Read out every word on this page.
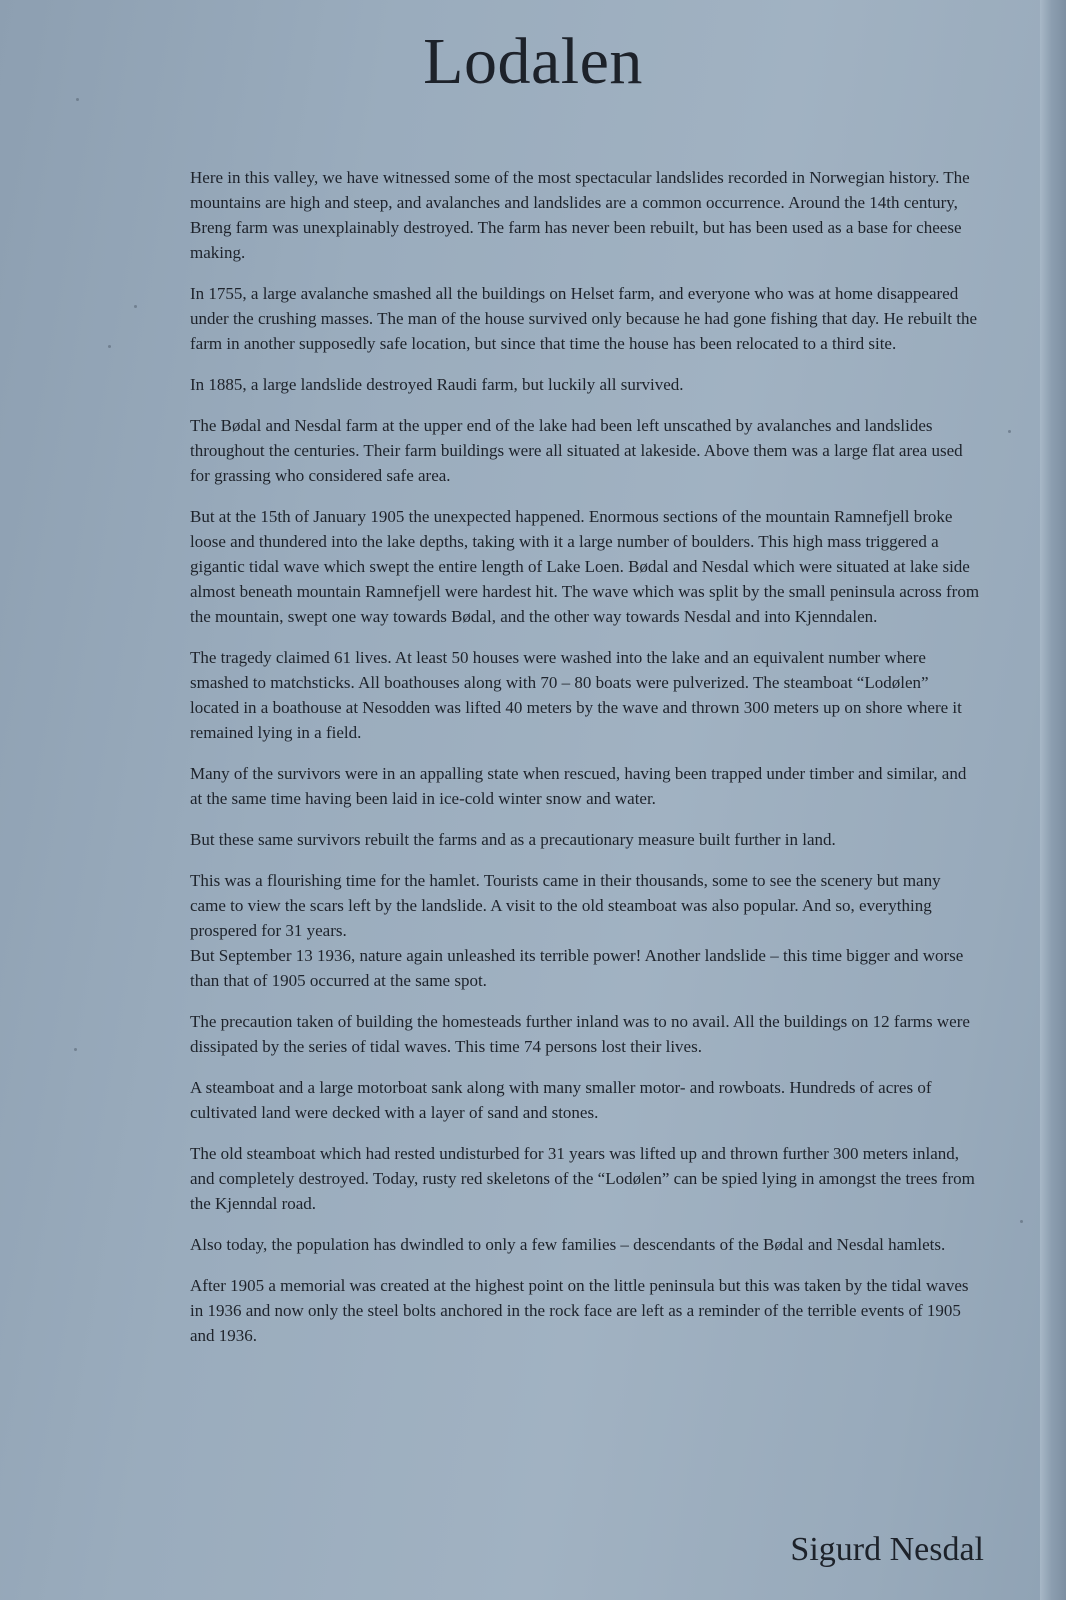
Lodalen

Here in this valley, we have witnessed some of the most spectacular landslides recorded in Norwegian history. The mountains are high and steep, and avalanches and landslides are a common occurrence. Around the 14th century, Breng farm was unexplainably destroyed. The farm has never been rebuilt, but has been used as a base for cheese making.

In 1755, a large avalanche smashed all the buildings on Helset farm, and everyone who was at home disappeared under the crushing masses. The man of the house survived only because he had gone fishing that day. He rebuilt the farm in another supposedly safe location, but since that time the house has been relocated to a third site.

In 1885, a large landslide destroyed Raudi farm, but luckily all survived.

The Bødal and Nesdal farm at the upper end of the lake had been left unscathed by avalanches and landslides throughout the centuries. Their farm buildings were all situated at lakeside. Above them was a large flat area used for grassing who considered safe area.

But at the 15th of January 1905 the unexpected happened. Enormous sections of the mountain Ramnefjell broke loose and thundered into the lake depths, taking with it a large number of boulders. This high mass triggered a gigantic tidal wave which swept the entire length of Lake Loen. Bødal and Nesdal which were situated at lake side almost beneath mountain Ramnefjell were hardest hit. The wave which was split by the small peninsula across from the mountain, swept one way towards Bødal, and the other way towards Nesdal and into Kjenndalen.

The tragedy claimed 61 lives. At least 50 houses were washed into the lake and an equivalent number where smashed to matchsticks. All boathouses along with 70 – 80 boats were pulverized. The steamboat “Lodølen” located in a boathouse at Nesodden was lifted 40 meters by the wave and thrown 300 meters up on shore where it remained lying in a field.

Many of the survivors were in an appalling state when rescued, having been trapped under timber and similar, and at the same time having been laid in ice-cold winter snow and water.

But these same survivors rebuilt the farms and as a precautionary measure built further in land.

This was a flourishing time for the hamlet. Tourists came in their thousands, some to see the scenery but many came to view the scars left by the landslide. A visit to the old steamboat was also popular. And so, everything prospered for 31 years.

But September 13 1936, nature again unleashed its terrible power! Another landslide – this time bigger and worse than that of 1905 occurred at the same spot.

The precaution taken of building the homesteads further inland was to no avail. All the buildings on 12 farms were dissipated by the series of tidal waves. This time 74 persons lost their lives.

A steamboat and a large motorboat sank along with many smaller motor- and rowboats. Hundreds of acres of cultivated land were decked with a layer of sand and stones.

The old steamboat which had rested undisturbed for 31 years was lifted up and thrown further 300 meters inland, and completely destroyed. Today, rusty red skeletons of the “Lodølen” can be spied lying in amongst the trees from the Kjenndal road.

Also today, the population has dwindled to only a few families – descendants of the Bødal and Nesdal hamlets.

After 1905 a memorial was created at the highest point on the little peninsula but this was taken by the tidal waves in 1936 and now only the steel bolts anchored in the rock face are left as a reminder of the terrible events of 1905 and 1936.

Sigurd Nesdal
